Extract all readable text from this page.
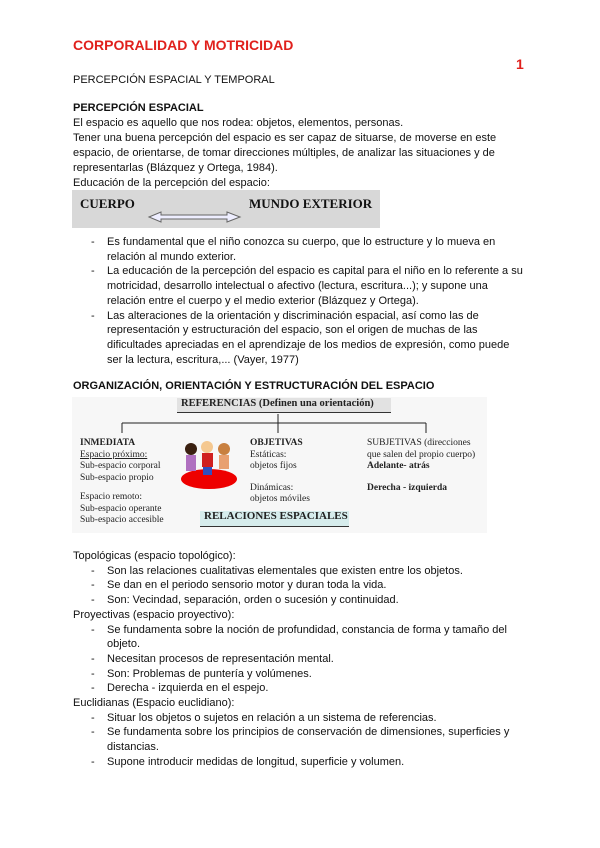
CORPORALIDAD Y MOTRICIDAD
1
PERCEPCIÓN ESPACIAL Y TEMPORAL
PERCEPCIÓN ESPACIAL
El espacio es aquello que nos rodea: objetos, elementos, personas.
Tener una buena percepción del espacio es ser capaz de situarse, de moverse en este espacio, de orientarse, de tomar direcciones múltiples, de analizar las situaciones y de representarlas (Blázquez y Ortega, 1984).
Educación de la percepción del espacio:
CUERPO	MUNDO EXTERIOR
- Es fundamental que el niño conozca su cuerpo, que lo estructure y lo mueva en relación al mundo exterior.
- La educación de la percepción del espacio es capital para el niño en lo referente a su motricidad, desarrollo intelectual o afectivo (lectura, escritura...); y supone una relación entre el cuerpo y el medio exterior (Blázquez y Ortega).
- Las alteraciones de la orientación y discriminación espacial, así como las de representación y estructuración del espacio, son el origen de muchas de las dificultades apreciadas en el aprendizaje de los medios de expresión, como puede ser la lectura, escritura,... (Vayer, 1977)
ORGANIZACIÓN, ORIENTACIÓN Y ESTRUCTURACIÓN DEL ESPACIO
REFERENCIAS (Definen una orientación)
INMEDIATA
Espacio próximo:
Sub-espacio corporal
Sub-espacio propio
Espacio remoto:
Sub-espacio operante
Sub-espacio accesible
OBJETIVAS
Estáticas:
objetos fijos
Dinámicas:
objetos móviles
SUBJETIVAS (direcciones
que salen del propio cuerpo)
Adelante- atrás
Derecha - izquierda
RELACIONES ESPACIALES
Topológicas (espacio topológico):
- Son las relaciones cualitativas elementales que existen entre los objetos.
- Se dan en el periodo sensorio motor y duran toda la vida.
- Son: Vecindad, separación, orden o sucesión y continuidad.
Proyectivas (espacio proyectivo):
- Se fundamenta sobre la noción de profundidad, constancia de forma y tamaño del objeto.
- Necesitan procesos de representación mental.
- Son: Problemas de puntería y volúmenes.
- Derecha - izquierda en el espejo.
Euclidianas (Espacio euclidiano):
- Situar los objetos o sujetos en relación a un sistema de referencias.
- Se fundamenta sobre los principios de conservación de dimensiones, superficies y distancias.
- Supone introducir medidas de longitud, superficie y volumen.
